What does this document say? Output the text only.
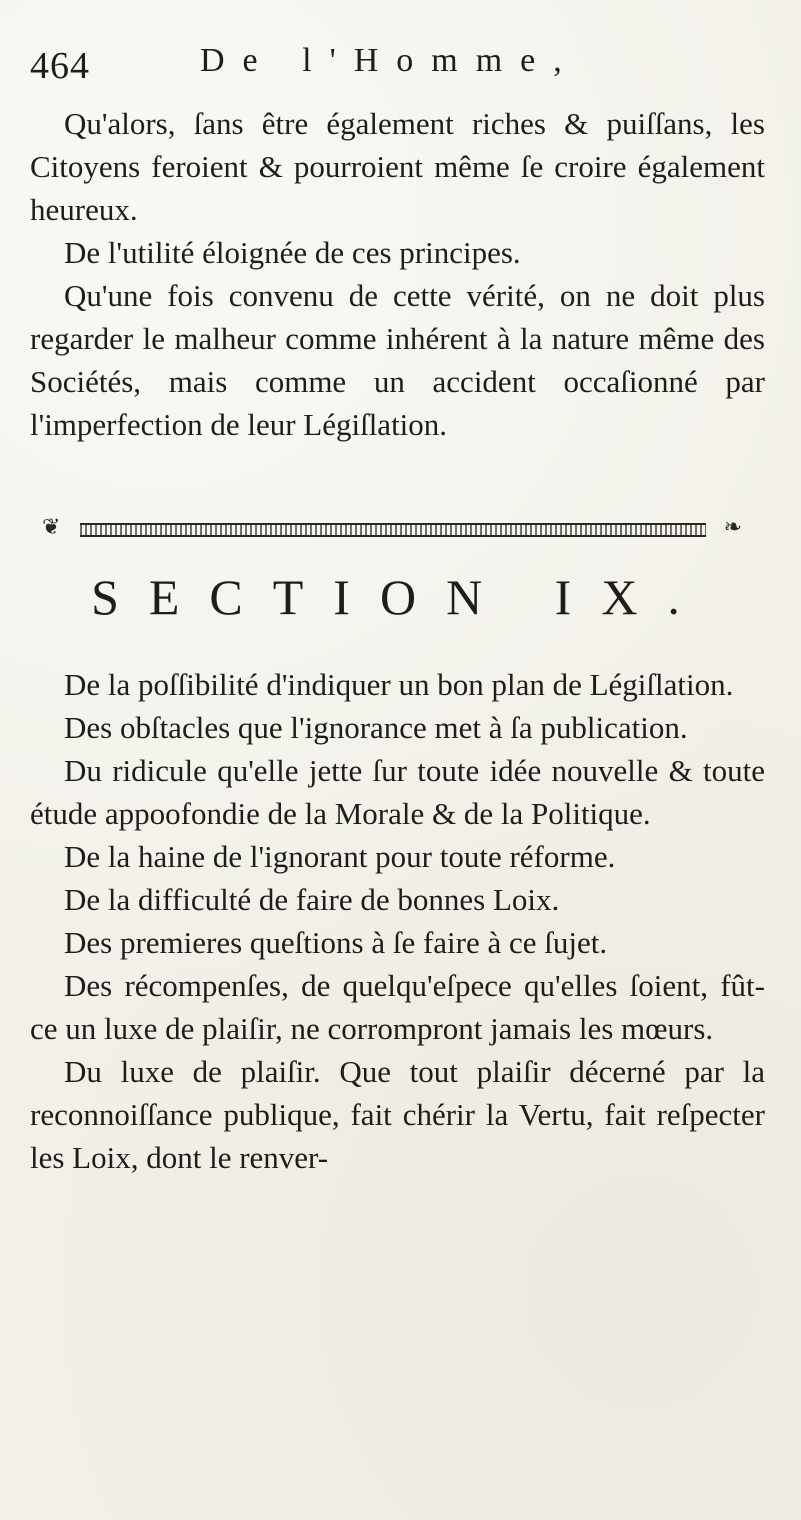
464	De l'Homme,

Qu'alors, ſans être également riches & puiſſans, les Citoyens feroient & pourroient même ſe croire également heureux.

De l'utilité éloignée de ces principes.

Qu'une fois convenu de cette vérité, on ne doit plus regarder le malheur comme inhérent à la nature même des Sociétés, mais comme un accident occaſionné par l'imperfection de leur Légiſlation.

❦	❧
SECTION IX.

De la poſſibilité d'indiquer un bon plan de Légiſlation.

Des obſtacles que l'ignorance met à ſa publication.

Du ridicule qu'elle jette ſur toute idée nouvelle & toute étude appoofondie de la Morale & de la Politique.

De la haine de l'ignorant pour toute réforme.

De la difficulté de faire de bonnes Loix.

Des premieres queſtions à ſe faire à ce ſujet.

Des récompenſes, de quelqu'eſpece qu'elles ſoient, fût-ce un luxe de plaiſir, ne corrompront jamais les mœurs.

Du luxe de plaiſir. Que tout plaiſir décerné par la reconnoiſſance publique, fait chérir la Vertu, fait reſpecter les Loix, dont le renver-
